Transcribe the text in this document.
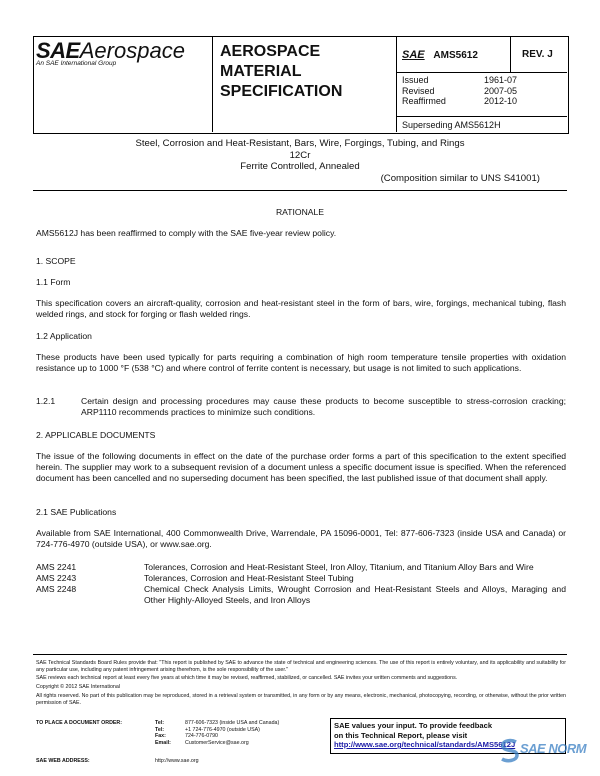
SAEAerospace
An SAE International Group
AEROSPACE
MATERIAL
SPECIFICATION
SAE AMS5612	REV. J
Issued	1961-07
Revised	2007-05
Reaffirmed	2012-10
Superseding AMS5612H
Steel, Corrosion and Heat-Resistant, Bars, Wire, Forgings, Tubing, and Rings
12Cr
Ferrite Controlled, Annealed
(Composition similar to UNS S41001)
RATIONALE
AMS5612J has been reaffirmed to comply with the SAE five-year review policy.
1. SCOPE
1.1 Form
This specification covers an aircraft-quality, corrosion and heat-resistant steel in the form of bars, wire, forgings, mechanical tubing, flash welded rings, and stock for forging or flash welded rings.
1.2 Application
These products have been used typically for parts requiring a combination of high room temperature tensile properties with oxidation resistance up to 1000 °F (538 °C) and where control of ferrite content is necessary, but usage is not limited to such applications.
1.2.1	Certain design and processing procedures may cause these products to become susceptible to stress-corrosion cracking; ARP1110 recommends practices to minimize such conditions.
2. APPLICABLE DOCUMENTS
The issue of the following documents in effect on the date of the purchase order forms a part of this specification to the extent specified herein. The supplier may work to a subsequent revision of a document unless a specific document issue is specified. When the referenced document has been cancelled and no superseding document has been specified, the last published issue of that document shall apply.
2.1 SAE Publications
Available from SAE International, 400 Commonwealth Drive, Warrendale, PA 15096-0001, Tel: 877-606-7323 (inside USA and Canada) or 724-776-4970 (outside USA), or www.sae.org.
AMS 2241	Tolerances, Corrosion and Heat-Resistant Steel, Iron Alloy, Titanium, and Titanium Alloy Bars and Wire
AMS 2243	Tolerances, Corrosion and Heat-Resistant Steel Tubing
AMS 2248	Chemical Check Analysis Limits, Wrought Corrosion and Heat-Resistant Steels and Alloys, Maraging and Other Highly-Alloyed Steels, and Iron Alloys
SAE Technical Standards Board Rules provide that: "This report is published by SAE to advance the state of technical and engineering sciences. The use of this report is entirely voluntary, and its applicability and suitability for any particular use, including any patent infringement arising therefrom, is the sole responsibility of the user."
SAE reviews each technical report at least every five years at which time it may be revised, reaffirmed, stabilized, or cancelled. SAE invites your written comments and suggestions.
Copyright © 2012 SAE International
All rights reserved. No part of this publication may be reproduced, stored in a retrieval system or transmitted, in any form or by any means, electronic, mechanical, photocopying, recording, or otherwise, without the prior written permission of SAE.
TO PLACE A DOCUMENT ORDER:	Tel:	877-606-7323 (inside USA and Canada)
Tel:	+1 724-776-4970 (outside USA)
Fax:	724-776-0790
Email:	CustomerService@sae.org
SAE WEB ADDRESS:	http://www.sae.org
SAE values your input. To provide feedback
on this Technical Report, please visit
http://www.sae.org/technical/standards/AMS5612J SAE NORM
